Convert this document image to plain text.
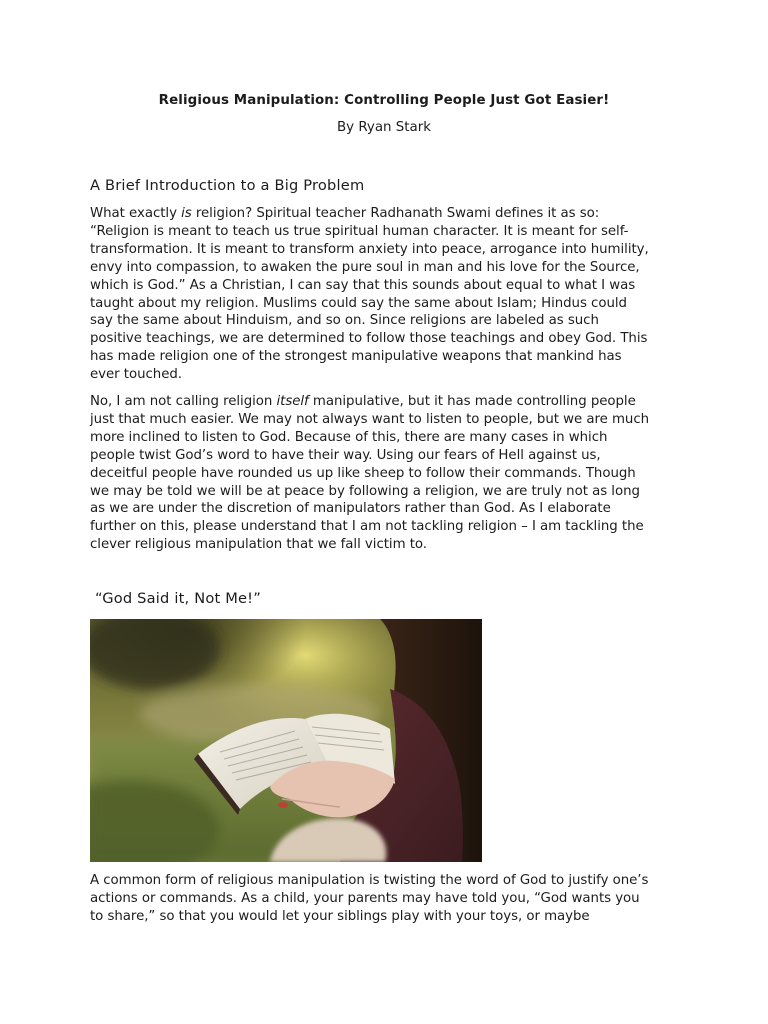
Religious Manipulation: Controlling People Just Got Easier!

By Ryan Stark

A Brief Introduction to a Big Problem

What exactly is religion? Spiritual teacher Radhanath Swami defines it as so:
“Religion is meant to teach us true spiritual human character. It is meant for self-
transformation. It is meant to transform anxiety into peace, arrogance into humility,
envy into compassion, to awaken the pure soul in man and his love for the Source,
which is God.” As a Christian, I can say that this sounds about equal to what I was
taught about my religion. Muslims could say the same about Islam; Hindus could
say the same about Hinduism, and so on. Since religions are labeled as such
positive teachings, we are determined to follow those teachings and obey God. This
has made religion one of the strongest manipulative weapons that mankind has
ever touched.
No, I am not calling religion itself manipulative, but it has made controlling people
just that much easier. We may not always want to listen to people, but we are much
more inclined to listen to God. Because of this, there are many cases in which
people twist God’s word to have their way. Using our fears of Hell against us,
deceitful people have rounded us up like sheep to follow their commands. Though
we may be told we will be at peace by following a religion, we are truly not as long
as we are under the discretion of manipulators rather than God. As I elaborate
further on this, please understand that I am not tackling religion – I am tackling the
clever religious manipulation that we fall victim to.

“God Said it, Not Me!”

A common form of religious manipulation is twisting the word of God to justify one’s
actions or commands. As a child, your parents may have told you, “God wants you
to share,” so that you would let your siblings play with your toys, or maybe
